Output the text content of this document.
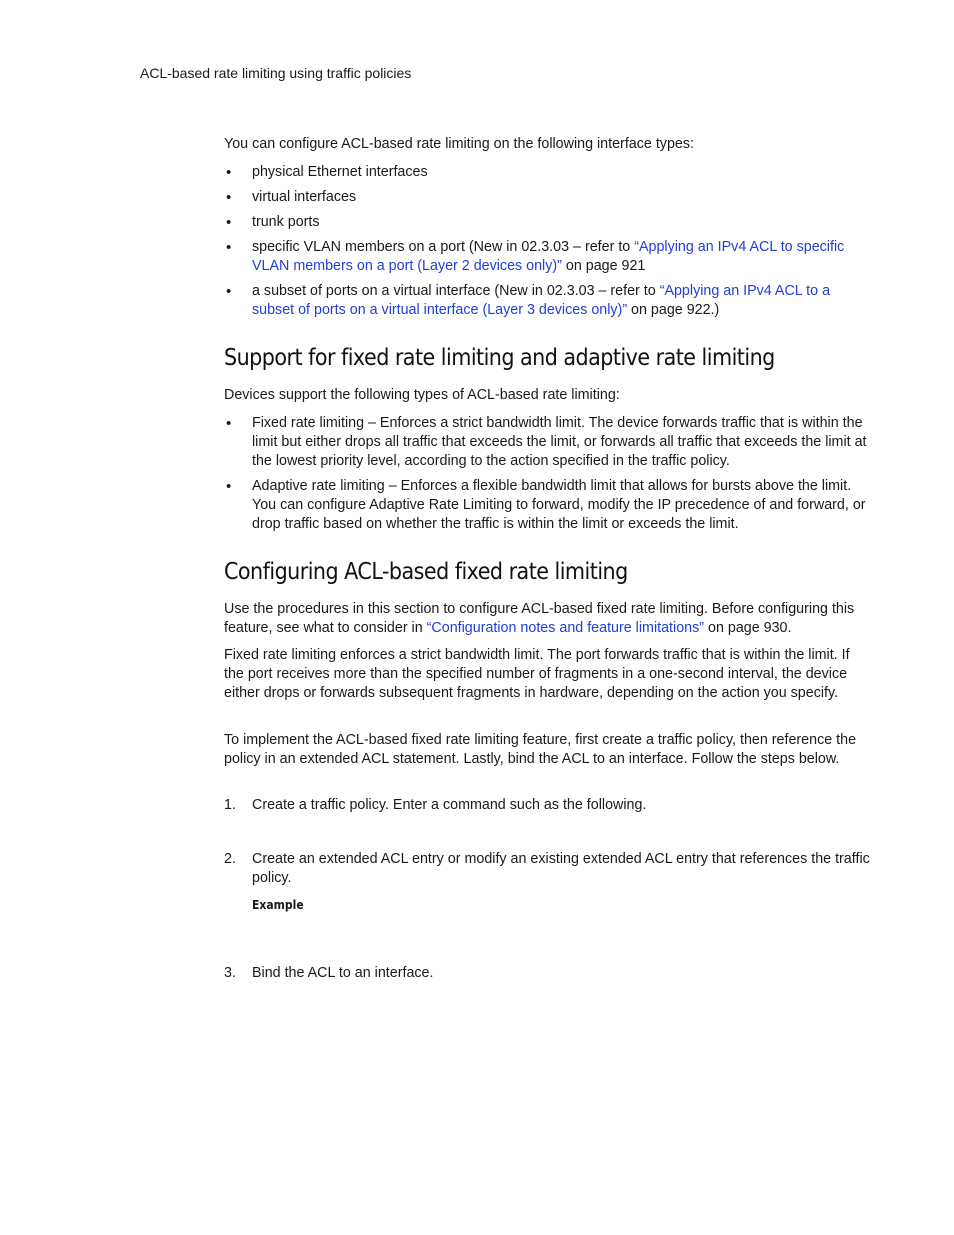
ACL-based rate limiting using traffic policies

You can configure ACL-based rate limiting on the following interface types:

• physical Ethernet interfaces

• virtual interfaces

• trunk ports

• specific VLAN members on a port (New in 02.3.03 – refer to “Applying an IPv4 ACL to specific VLAN members on a port (Layer 2 devices only)” on page 921

• a subset of ports on a virtual interface (New in 02.3.03 – refer to “Applying an IPv4 ACL to a subset of ports on a virtual interface (Layer 3 devices only)” on page 922.)

Support for fixed rate limiting and adaptive rate limiting

Devices support the following types of ACL-based rate limiting:

• Fixed rate limiting – Enforces a strict bandwidth limit. The device forwards traffic that is within the limit but either drops all traffic that exceeds the limit, or forwards all traffic that exceeds the limit at the lowest priority level, according to the action specified in the traffic policy.

• Adaptive rate limiting – Enforces a flexible bandwidth limit that allows for bursts above the limit. You can configure Adaptive Rate Limiting to forward, modify the IP precedence of and forward, or drop traffic based on whether the traffic is within the limit or exceeds the limit.

Configuring ACL-based fixed rate limiting

Use the procedures in this section to configure ACL-based fixed rate limiting. Before configuring this feature, see what to consider in “Configuration notes and feature limitations” on page 930.

Fixed rate limiting enforces a strict bandwidth limit. The port forwards traffic that is within the limit. If the port receives more than the specified number of fragments in a one-second interval, the device either drops or forwards subsequent fragments in hardware, depending on the action you specify.

To implement the ACL-based fixed rate limiting feature, first create a traffic policy, then reference the policy in an extended ACL statement. Lastly, bind the ACL to an interface. Follow the steps below.

1.	Create a traffic policy. Enter a command such as the following.
2.	Create an extended ACL entry or modify an existing extended ACL entry that references the traffic policy.
Example
3.	Bind the ACL to an interface.
